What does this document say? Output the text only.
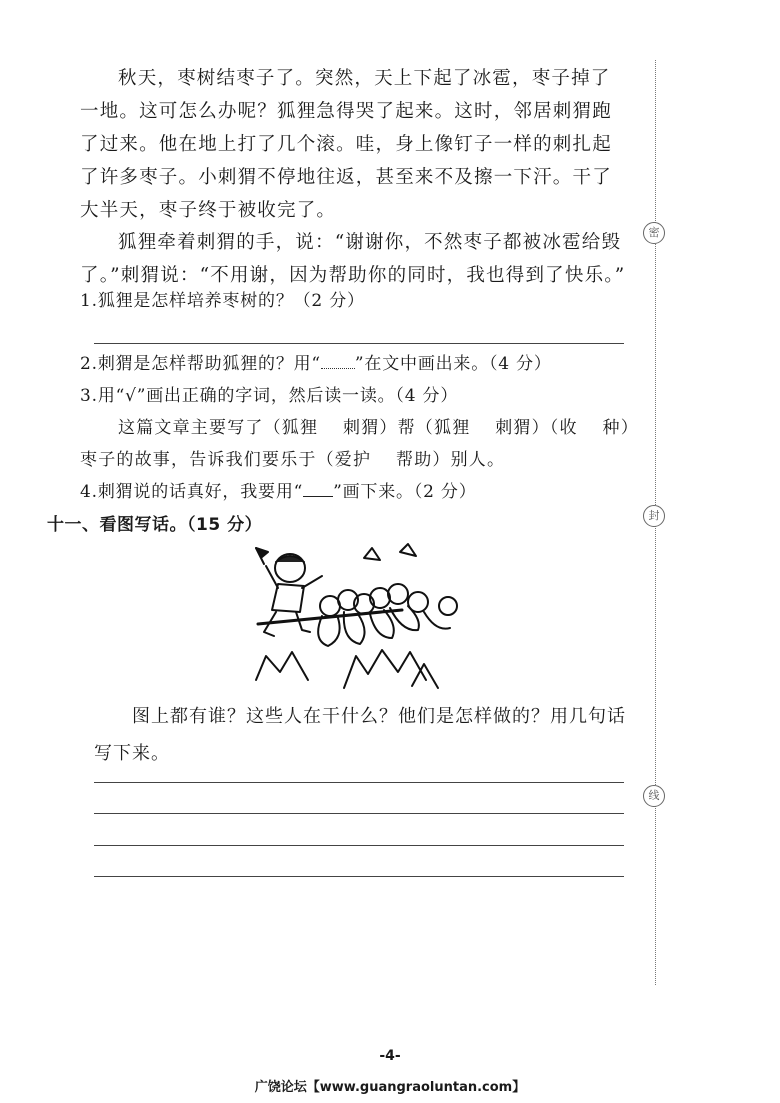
秋天，枣树结枣子了。突然，天上下起了冰雹，枣子掉了一地。这可怎么办呢？狐狸急得哭了起来。这时，邻居刺猬跑了过来。他在地上打了几个滚。哇，身上像钉子一样的刺扎起了许多枣子。小刺猬不停地往返，甚至来不及擦一下汗。干了大半天，枣子终于被收完了。

狐狸牵着刺猬的手，说：“谢谢你，不然枣子都被冰雹给毁了。”刺猬说：“不用谢，因为帮助你的同时，我也得到了快乐。”

1.狐狸是怎样培养枣树的？（2 分）
2.刺猬是怎样帮助狐狸的？用“ ”在文中画出来。（4 分）
3.用“√”画出正确的字词，然后读一读。（4 分）
这篇文章主要写了（狐狸　 刺猬）帮（狐狸　 刺猬）（收　 种）
枣子的故事，告诉我们要乐于（爱护　 帮助）别人。
4.刺猬说的话真好，我要用“ ”画下来。（2 分）
十一、看图写话。（15 分）

图上都有谁？这些人在干什么？他们是怎样做的？用几句话写下来。

密
封
线
-4-
广饶论坛【www.guangraoluntan.com】
